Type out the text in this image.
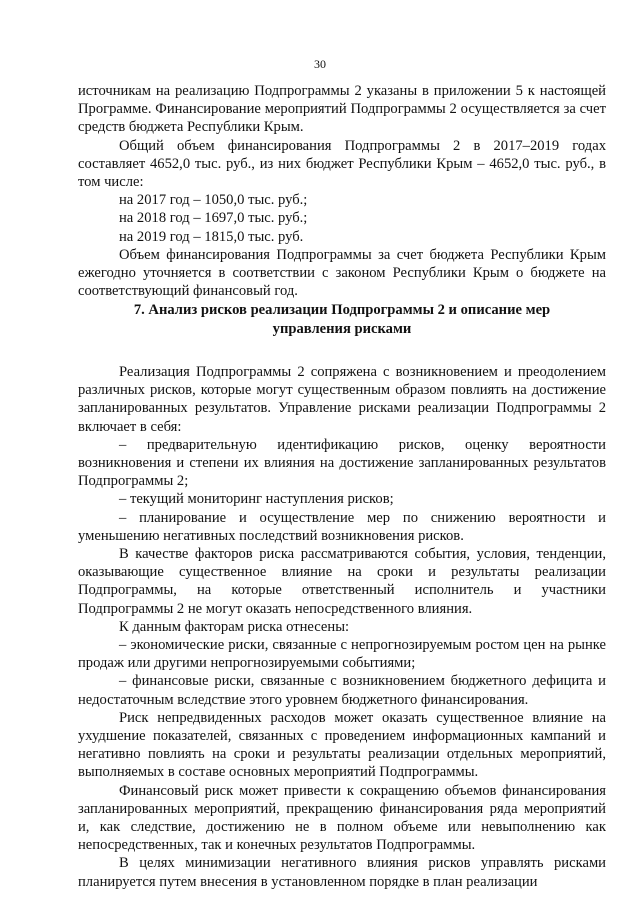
30

источникам на реализацию Подпрограммы 2 указаны в приложении 5 к настоящей Программе. Финансирование мероприятий Подпрограммы 2 осуществляется за счет средств бюджета Республики Крым.

Общий объем финансирования Подпрограммы 2 в 2017–2019 годах составляет 4652,0 тыс. руб., из них бюджет Республики Крым – 4652,0 тыс. руб., в том числе:

на 2017 год – 1050,0 тыс. руб.;

на 2018 год – 1697,0 тыс. руб.;

на 2019 год – 1815,0 тыс. руб.

Объем финансирования Подпрограммы за счет бюджета Республики Крым ежегодно уточняется в соответствии с законом Республики Крым о бюджете на соответствующий финансовый год.

7. Анализ рисков реализации Подпрограммы 2 и описание мер
управления рисками

Реализация Подпрограммы 2 сопряжена с возникновением и преодолением различных рисков, которые могут существенным образом повлиять на достижение запланированных результатов. Управление рисками реализации Подпрограммы 2 включает в себя:

– предварительную идентификацию рисков, оценку вероятности возникновения и степени их влияния на достижение запланированных результатов Подпрограммы 2;

– текущий мониторинг наступления рисков;

– планирование и осуществление мер по снижению вероятности и уменьшению негативных последствий возникновения рисков.

В качестве факторов риска рассматриваются события, условия, тенденции, оказывающие существенное влияние на сроки и результаты реализации Подпрограммы, на которые ответственный исполнитель и участники Подпрограммы 2 не могут оказать непосредственного влияния.

К данным факторам риска отнесены:

– экономические риски, связанные с непрогнозируемым ростом цен на рынке продаж или другими непрогнозируемыми событиями;

– финансовые риски, связанные с возникновением бюджетного дефицита и недостаточным вследствие этого уровнем бюджетного финансирования.

Риск непредвиденных расходов может оказать существенное влияние на ухудшение показателей, связанных с проведением информационных кампаний и негативно повлиять на сроки и результаты реализации отдельных мероприятий, выполняемых в составе основных мероприятий Подпрограммы.

Финансовый риск может привести к сокращению объемов финансирования запланированных мероприятий, прекращению финансирования ряда мероприятий и, как следствие, достижению не в полном объеме или невыполнению как непосредственных, так и конечных результатов Подпрограммы.

В целях минимизации негативного влияния рисков управлять рисками планируется путем внесения в установленном порядке в план реализации
